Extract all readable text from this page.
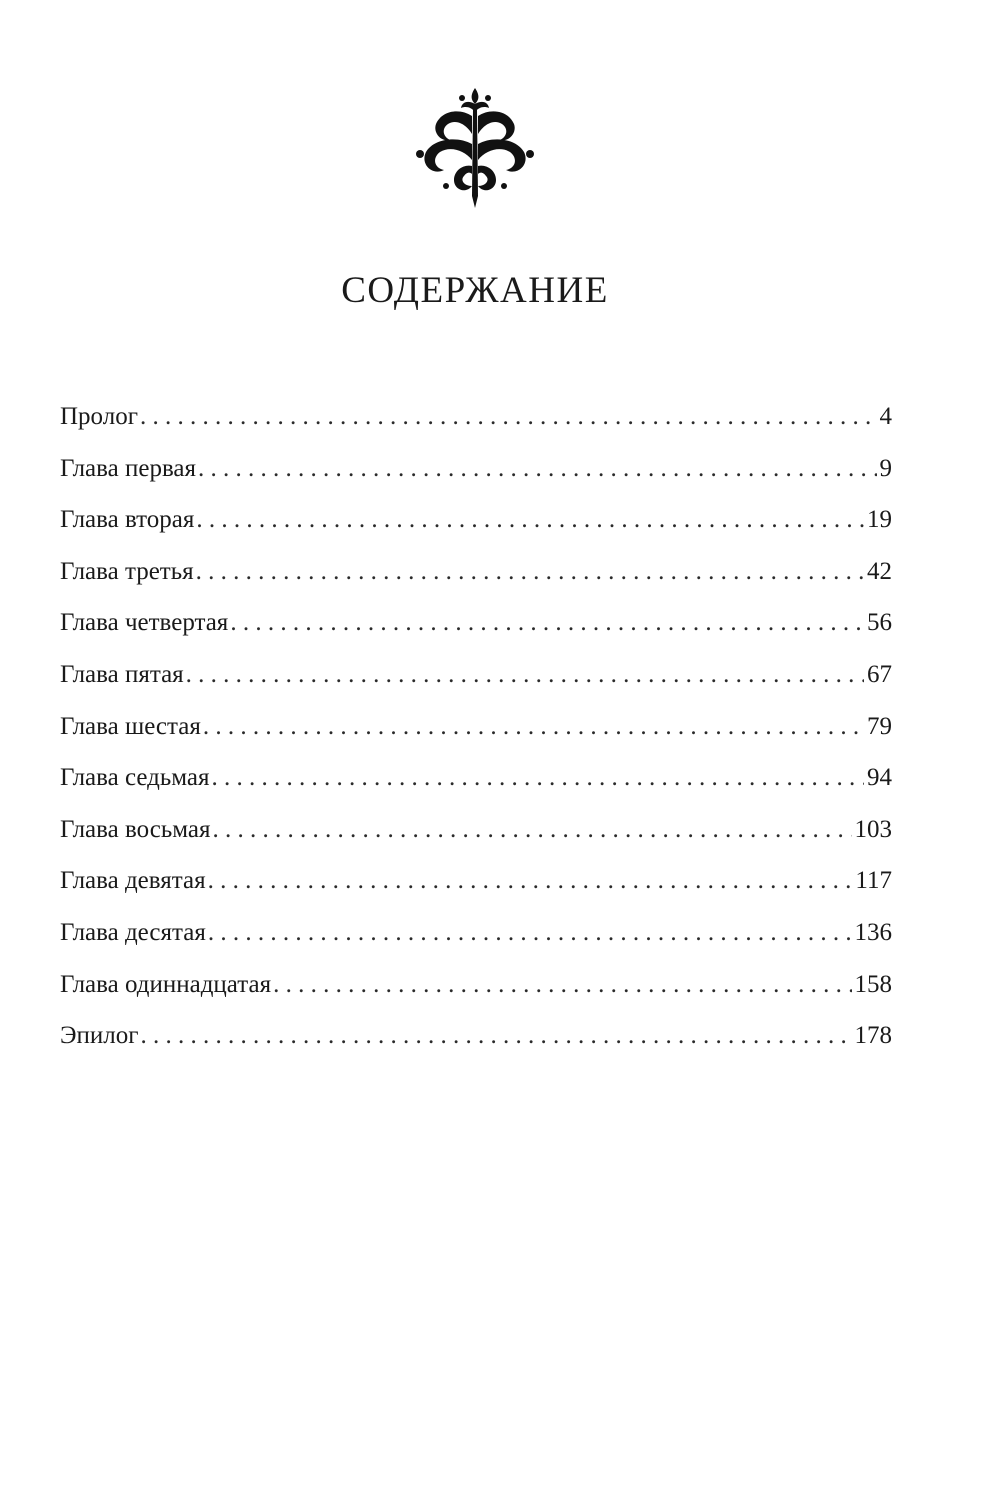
СОДЕРЖАНИЕ
Пролог . . .	4
Глава первая . . .	9
Глава вторая . . .	19
Глава третья . . .	42
Глава четвертая . . .	56
Глава пятая . . .	67
Глава шестая . . .	79
Глава седьмая . . .	94
Глава восьмая . . .	103
Глава девятая . . .	117
Глава десятая . . .	136
Глава одиннадцатая . . .	158
Эпилог . . .	178
